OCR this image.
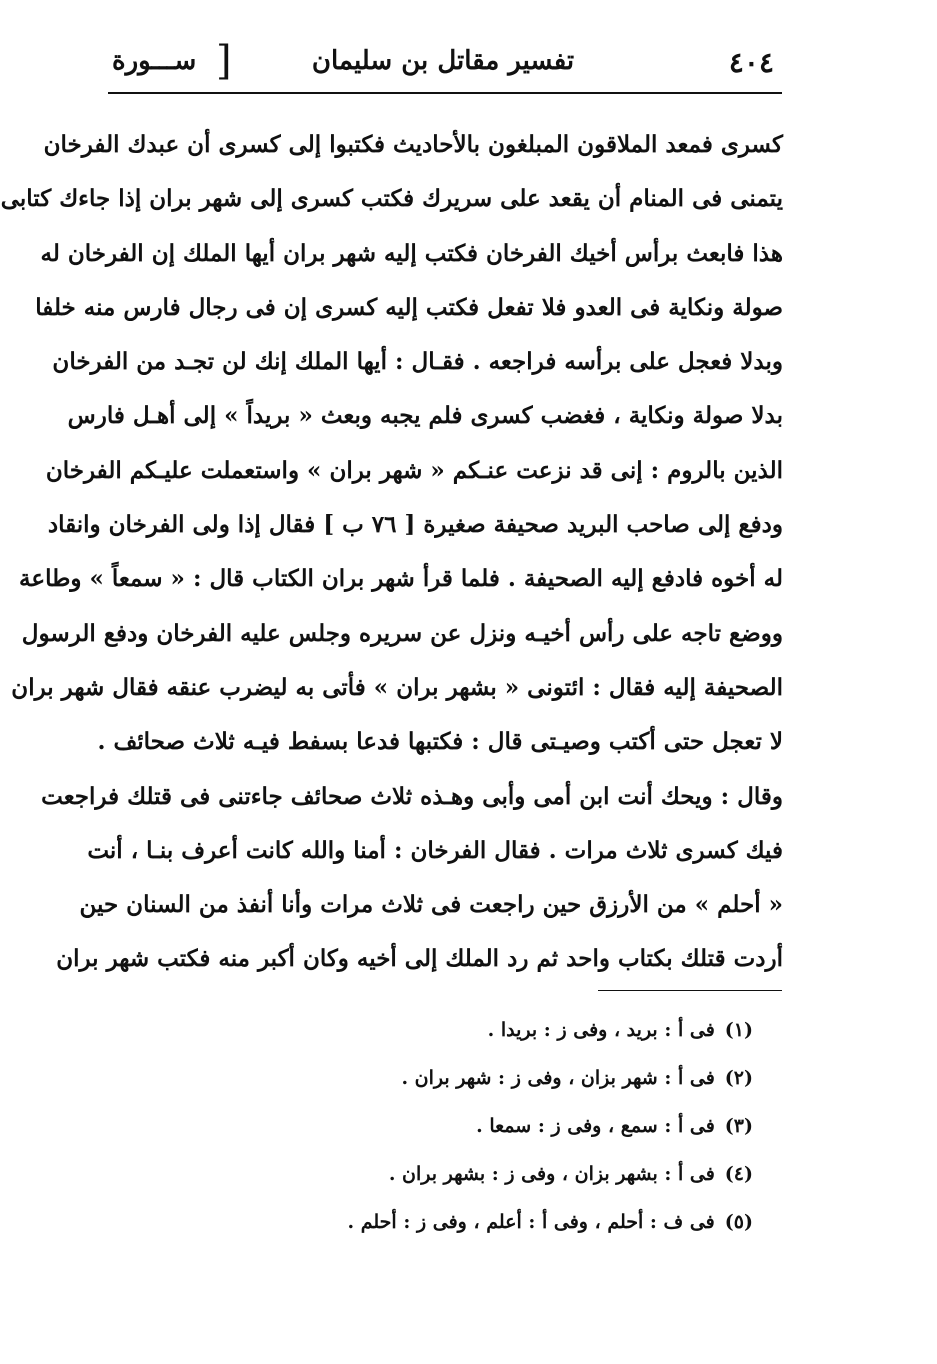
٤٠٤
تفسير مقاتل بن سليمان
]
ســـورة
كسرى فمعد الملاقون المبلغون بالأحاديث فكتبوا إلى كسرى أن عبدك الفرخان
يتمنى فى المنام أن يقعد على سريرك فكتب كسرى إلى شهر بران إذا جاءك كتابى
هذا فابعث برأس أخيك الفرخان فكتب إليه شهر بران أيها الملك إن الفرخان له
صولة ونكاية فى العدو فلا تفعل فكتب إليه كسرى إن فى رجال فارس منه خلفا
وبدلا فعجل على برأسه فراجعه . فقـال : أيها الملك إنك لن تجـد من الفرخان
بدلا صولة ونكاية ، فغضب كسرى فلم يجبه وبعث « بريداً » إلى أهـل فارس
الذين بالروم : إنى قد نزعت عنـكم « شهر بران » واستعملت عليـكم الفرخان
ودفع إلى صاحب البريد صحيفة صغيرة [ ٧٦ ب ] فقال إذا ولى الفرخان وانقاد
له أخوه فادفع إليه الصحيفة . فلما قرأ شهر بران الكتاب قال : « سمعاً » وطاعة
ووضع تاجه على رأس أخيـه ونزل عن سريره وجلس عليه الفرخان ودفع الرسول
الصحيفة إليه فقال : ائتونى « بشهر بران » فأتى به ليضرب عنقه فقال شهر بران
لا تعجل حتى أكتب وصيـتى قال : فكتبها فدعا بسفط فيـه ثلاث صحائف .
وقال : ويحك أنت ابن أمى وأبى وهـذه ثلاث صحائف جاءتنى فى قتلك فراجعت
فيك كسرى ثلاث مرات . فقال الفرخان : أمنا والله كانت أعرف بنـا ، أنت
« أحلم » من الأرزق حين راجعت فى ثلاث مرات وأنا أنفذ من السنان حين
أردت قتلك بكتاب واحد ثم رد الملك إلى أخيه وكان أكبر منه فكتب شهر بران
(١)فى أ : بريد ، وفى ز : بريدا .
(٢)فى أ : شهر بزان ، وفى ز : شهر بران .
(٣)فى أ : سمع ، وفى ز : سمعا .
(٤)فى أ : بشهر بزان ، وفى ز : بشهر بران .
(٥)فى ف : أحلم ، وفى أ : أعلم ، وفى ز : أحلم .
